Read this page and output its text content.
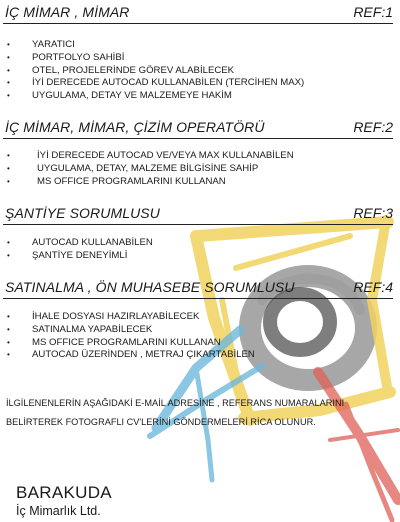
İÇ MİMAR , MİMAR	REF:1
• YARATICI
• PORTFOLYO SAHİBİ
• OTEL, PROJELERİNDE GÖREV ALABİLECEK
• İYİ DERECEDE AUTOCAD KULLANABİLEN (TERCİHEN MAX)
• UYGULAMA, DETAY VE MALZEMEYE HAKİM
İÇ MİMAR, MİMAR, ÇİZİM OPERATÖRÜ	REF:2
•	İYİ DERECEDE AUTOCAD VE/VEYA MAX KULLANABİLEN
•	UYGULAMA, DETAY, MALZEME BİLGİSİNE SAHİP
•	MS OFFICE PROGRAMLARINI KULLANAN
ŞANTİYE SORUMLUSU	REF:3
• AUTOCAD KULLANABİLEN
• ŞANTİYE DENEYİMLİ
SATINALMA , ÖN MUHASEBE SORUMLUSU	REF:4
• İHALE DOSYASI HAZIRLAYABİLECEK
• SATINALMA YAPABİLECEK
• MS OFFICE PROGRAMLARINI KULLANAN
• AUTOCAD ÜZERİNDEN , METRAJ ÇIKARTABİLEN
İLGİLENENLERİN AŞAĞIDAKİ E-MAİL ADRESİNE , REFERANS NUMARALARINI
BELİRTEREK FOTOGRAFLI CV'LERİNİ GÖNDERMELERİ RİCA OLUNUR.
BARAKUDA
İç Mimarlık Ltd.
